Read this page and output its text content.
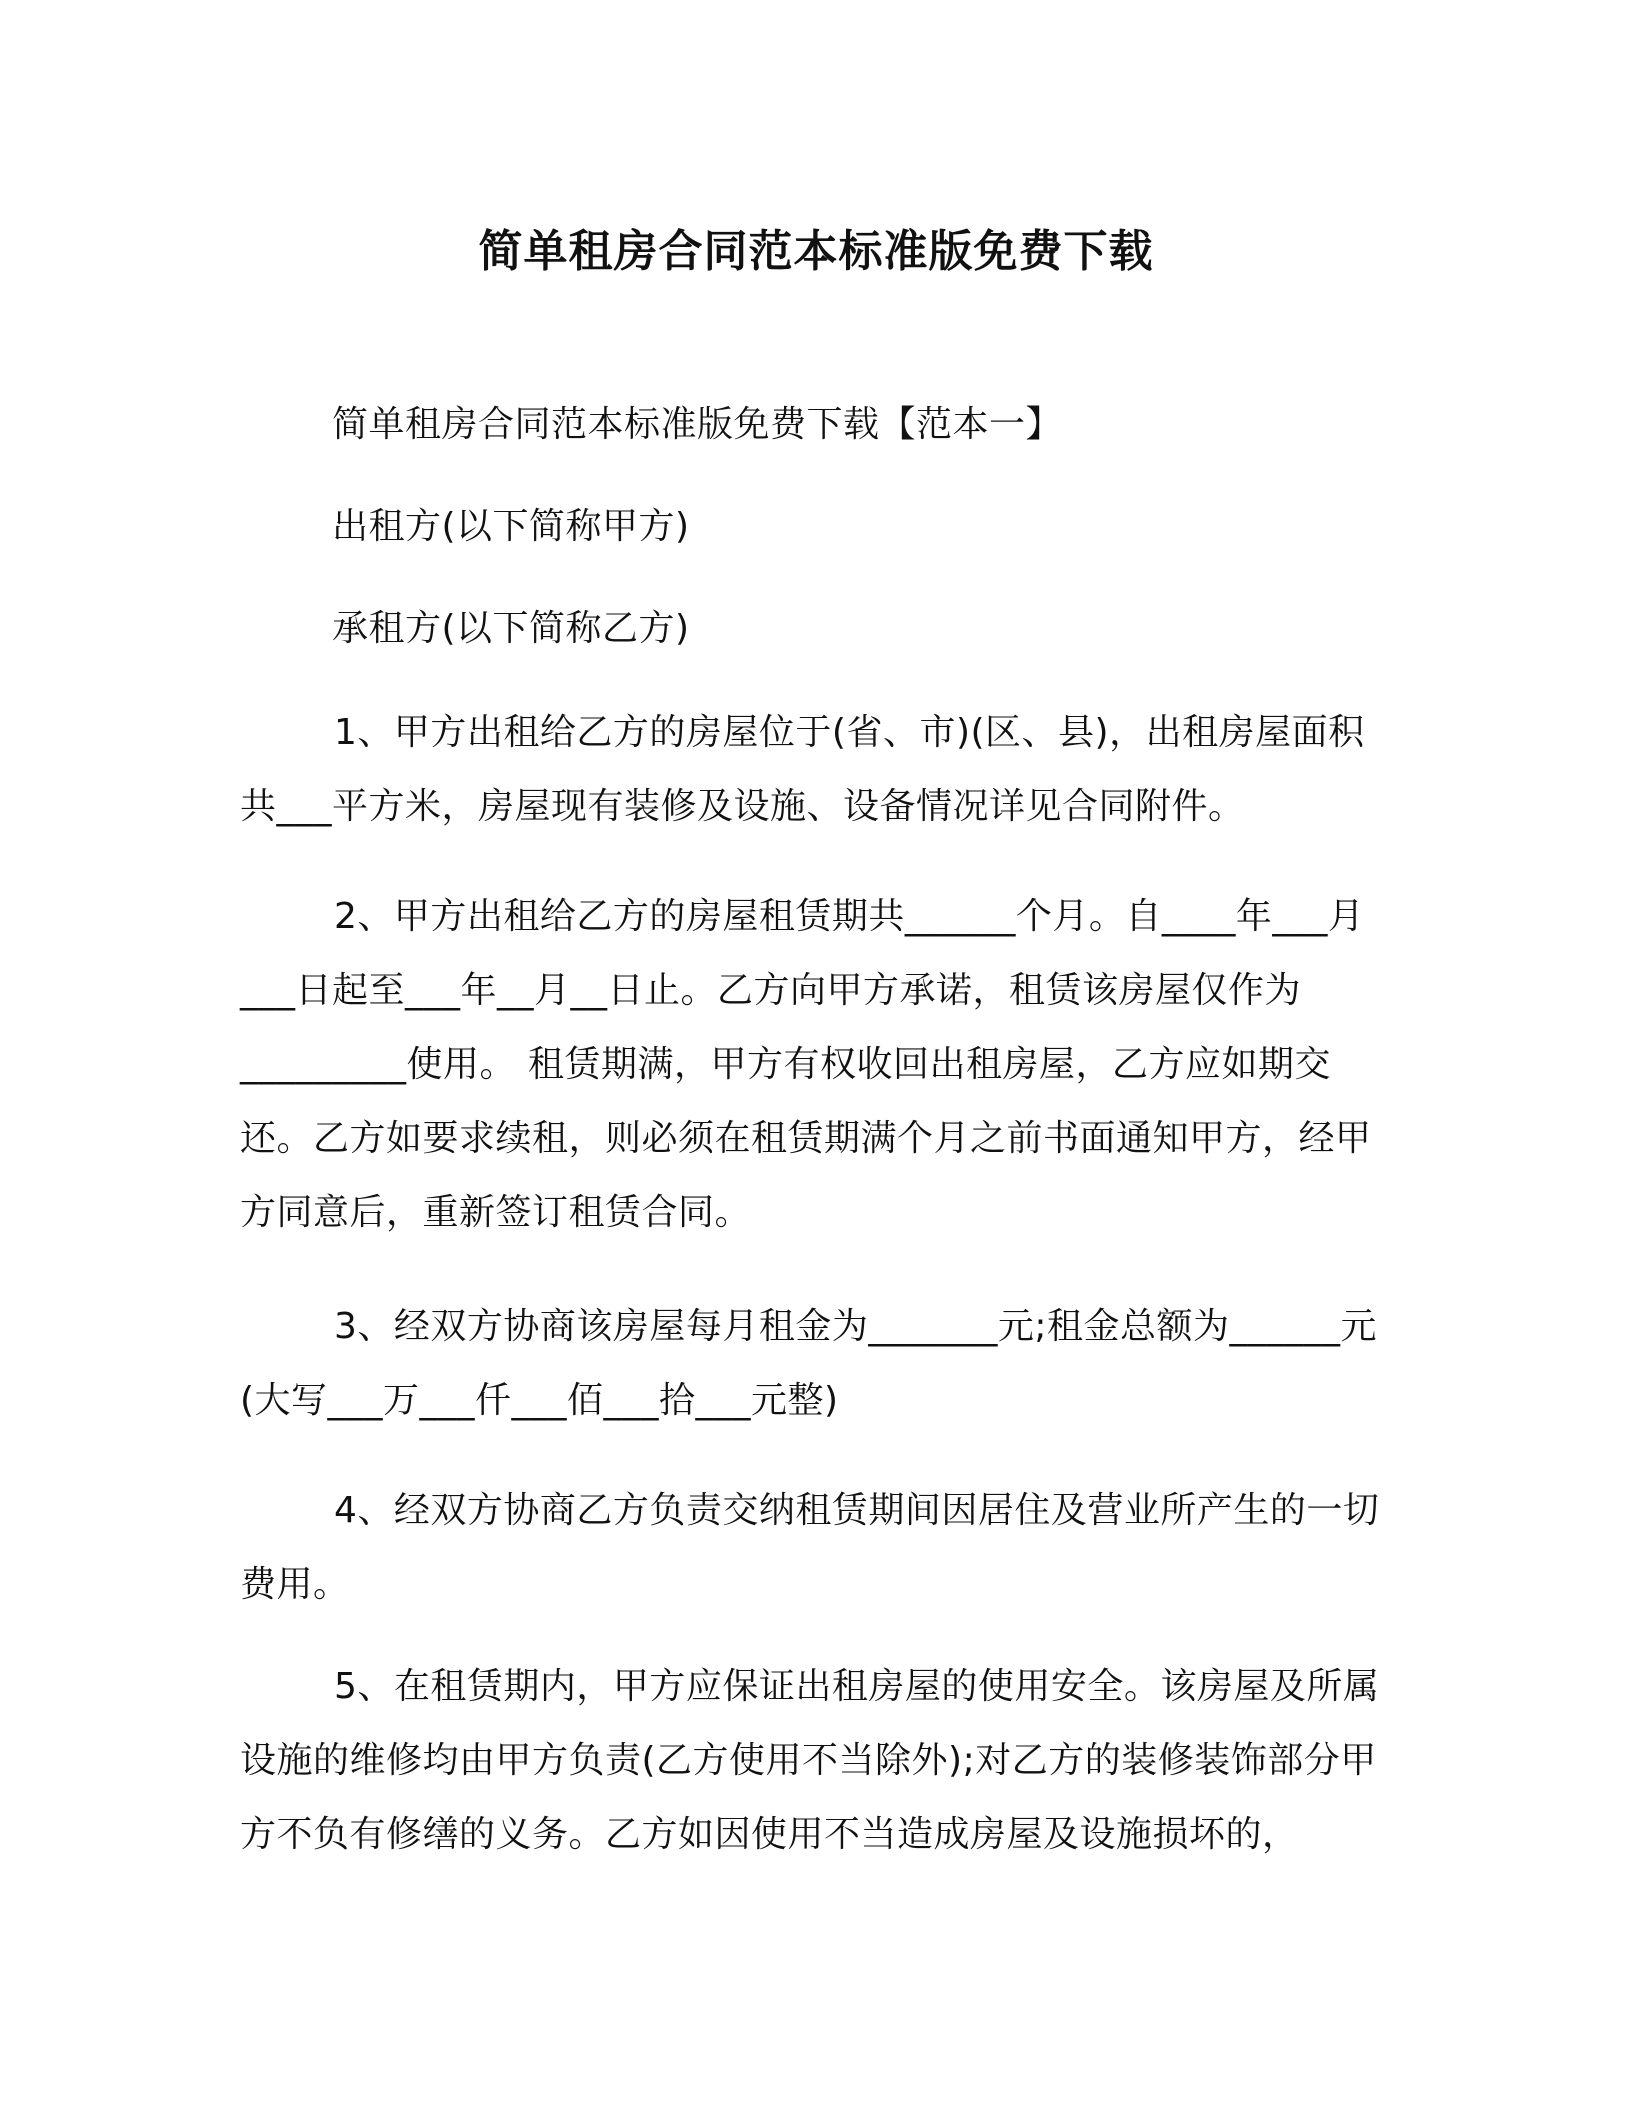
简单租房合同范本标准版免费下载
简单租房合同范本标准版免费下载【范本一】
出租方(以下简称甲方)
承租方(以下简称乙方)

1、甲方出租给乙方的房屋位于(省、市)(区、县)，出租房屋面积共___平方米，房屋现有装修及设施、设备情况详见合同附件。

2、甲方出租给乙方的房屋租赁期共______个月。自____年___月___日起至___年__月__日止。乙方向甲方承诺，租赁该房屋仅作为_________使用。 租赁期满，甲方有权收回出租房屋，乙方应如期交还。乙方如要求续租，则必须在租赁期满个月之前书面通知甲方，经甲方同意后，重新签订租赁合同。

3、经双方协商该房屋每月租金为_______元;租金总额为______元(大写___万___仟___佰___拾___元整)

4、经双方协商乙方负责交纳租赁期间因居住及营业所产生的一切费用。

5、在租赁期内，甲方应保证出租房屋的使用安全。该房屋及所属设施的维修均由甲方负责(乙方使用不当除外);对乙方的装修装饰部分甲方不负有修缮的义务。乙方如因使用不当造成房屋及设施损坏的，
